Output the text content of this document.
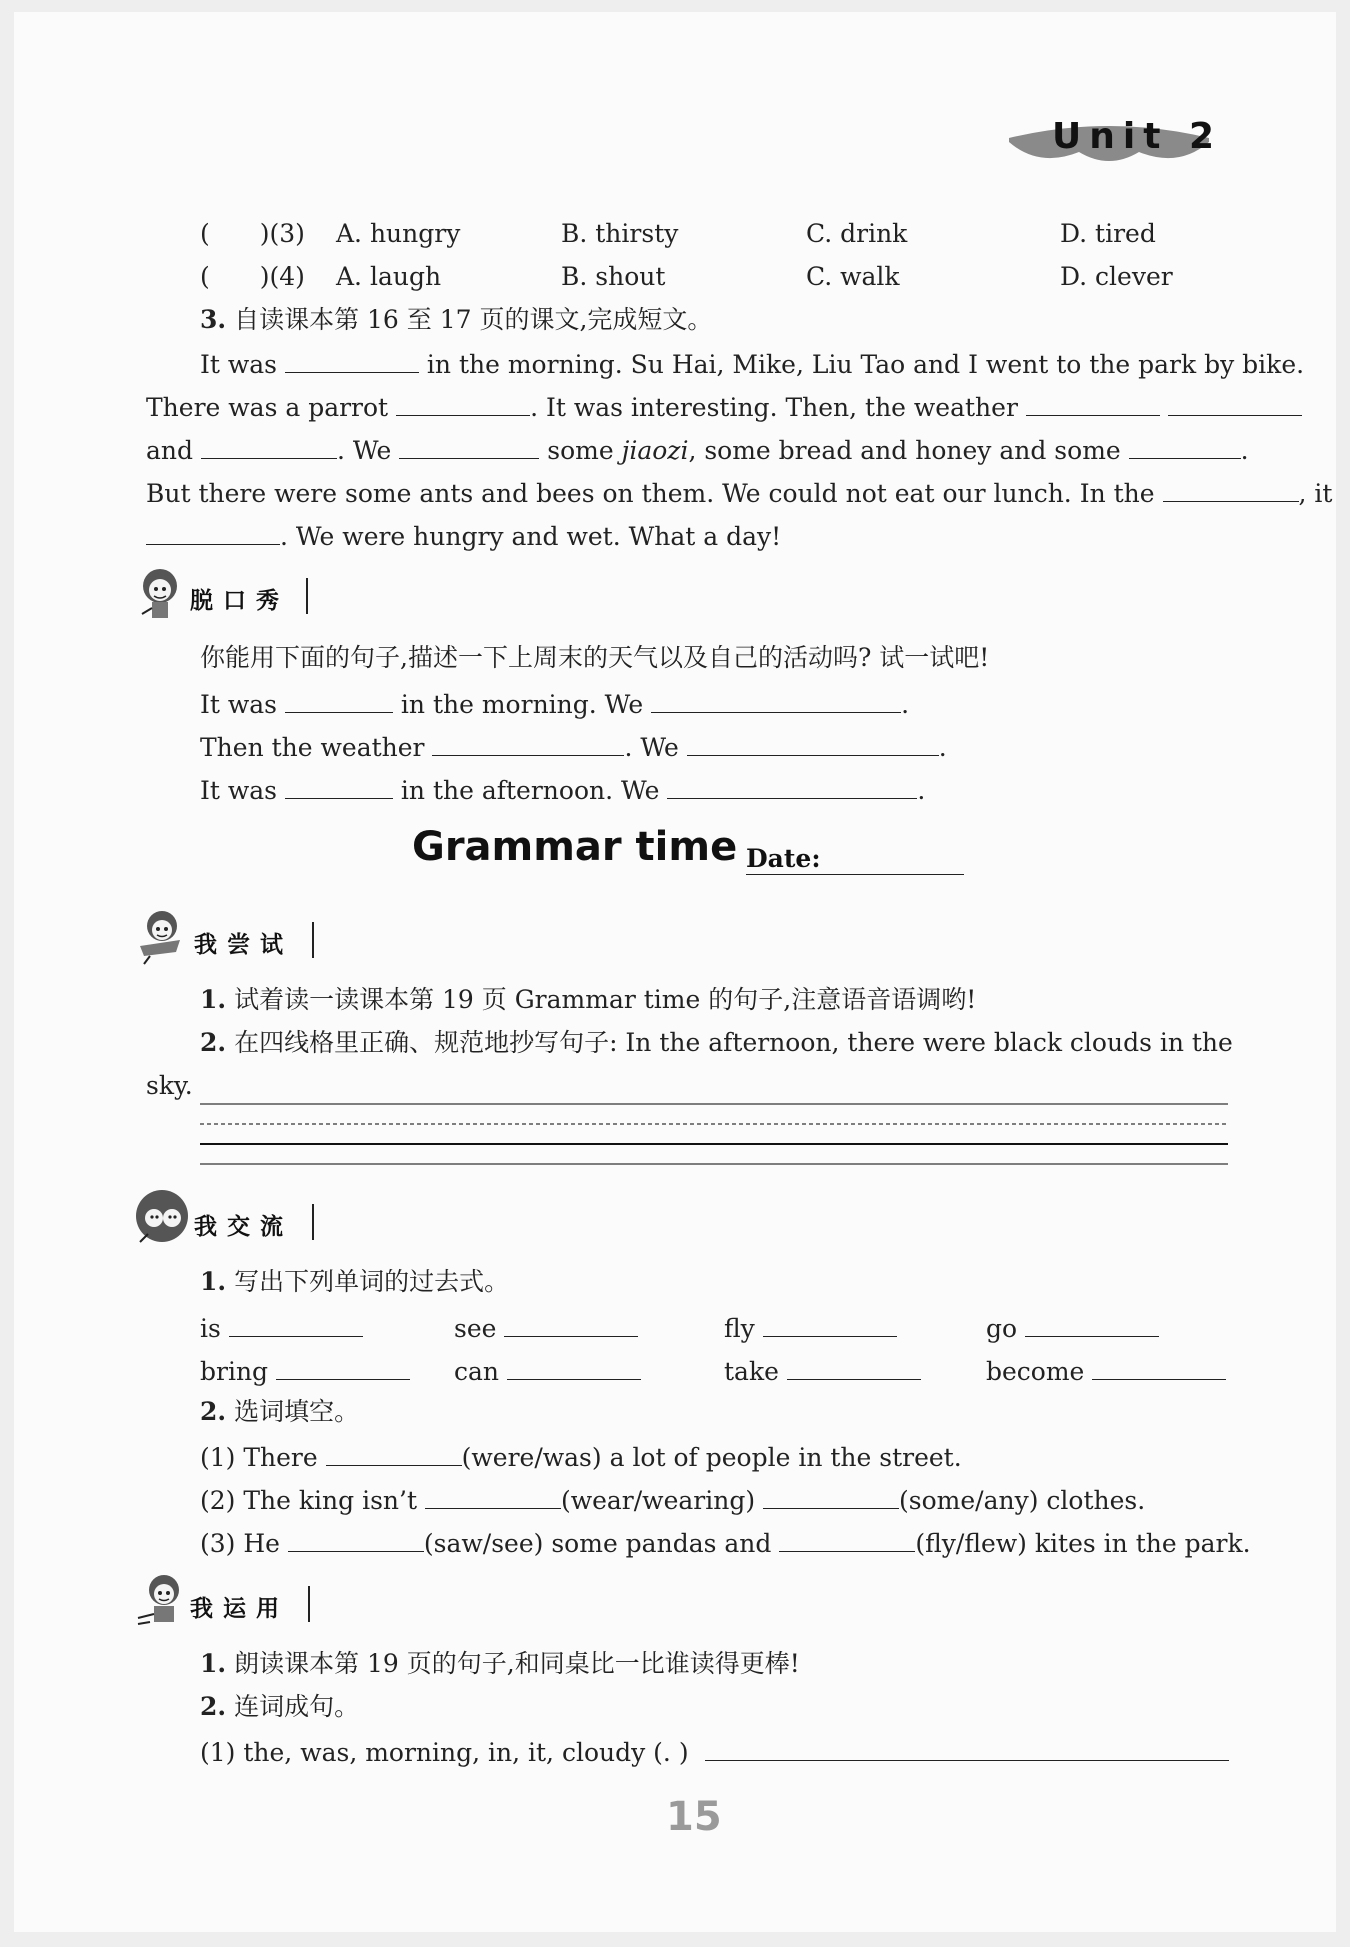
Unit 2
(　　)(3) A. hungry	B. thirsty	C. drink	D. tired
(　　)(4) A. laugh	B. shout	C. walk	D. clever
3. 自读课本第 16 至 17 页的课文,完成短文。
It was	in the morning. Su Hai, Mike, Liu Tao and I went to the park by bike.
There was a parrot	. It was interesting. Then, the weather
and	. We	some jiaozi, some bread and honey and some	.
But there were some ants and bees on them. We could not eat our lunch. In the	, it
. We were hungry and wet. What a day!
脱口秀
你能用下面的句子,描述一下上周末的天气以及自己的活动吗? 试一试吧!
It was	in the morning. We	.
Then the weather	. We	.
It was	in the afternoon. We	.
Grammar time Date:
我尝试
1. 试着读一读课本第 19 页 Grammar time 的句子,注意语音语调哟!
2. 在四线格里正确、规范地抄写句子: In the afternoon, there were black clouds in the
sky.
我交流
1. 写出下列单词的过去式。
is	see	fly	go
bring	can	take	become
2. 选词填空。
(1) There	(were/was) a lot of people in the street.
(2) The king isn’t	(wear/wearing)	(some/any) clothes.
(3) He	(saw/see) some pandas and	(fly/flew) kites in the park.
我运用
1. 朗读课本第 19 页的句子,和同桌比一比谁读得更棒!
2. 连词成句。
(1) the, was, morning, in, it, cloudy (. )
15
